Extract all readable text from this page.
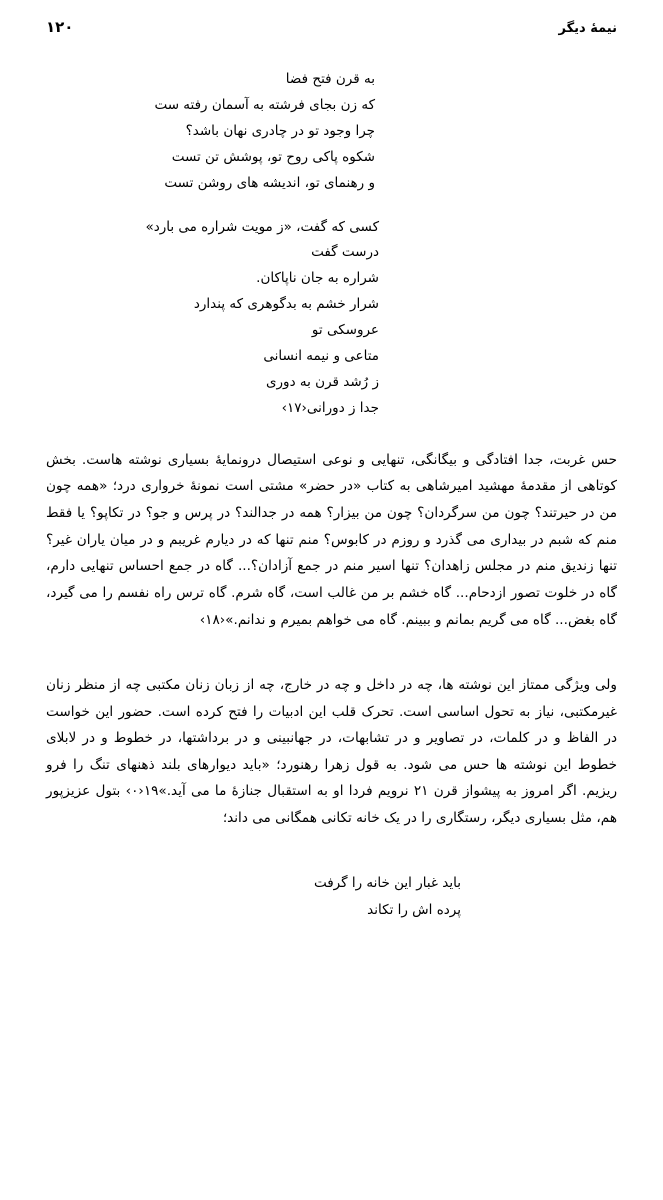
۱۲۰	نیمهٔ دیگر

به قرن فتح فضا

که زن بجای فرشته به آسمان رفته ست

چرا وجود تو در چادری نهان باشد؟

شکوه پاکی روح تو، پوشش تن تست

و رهنمای تو، اندیشه های روشن تست

کسی که گفت، «ز مویت شراره می بارد»

درست گفت

شراره به جان ناپاکان.

شرار خشم به بدگوهری که پندارد

عروسکی تو

متاعی و نیمه انسانی

ز رُشد قرن به دوری

جدا ز دورانی‹۱۷›

حس غربت، جدا افتادگی و بیگانگی، تنهایی و نوعی استیصال درونمایهٔ بسیاری نوشته هاست. بخش کوتاهی از مقدمهٔ مهشید امیرشاهی به کتاب «در حضر» مشتی است نمونهٔ خرواری درد؛ «همه چون من در حیرتند؟ چون من سرگردان؟ چون من بیزار؟ همه در جدالند؟ در پرس و جو؟ در تکاپو؟ یا فقط منم که شبم در بیداری می گذرد و روزم در کابوس؟ منم تنها که در دیارم غریبم و در میان یاران غیر؟ تنها زندیق منم در مجلس زاهدان؟ تنها اسیر منم در جمع آزادان؟... گاه در جمع احساس تنهایی دارم، گاه در خلوت تصور ازدحام... گاه خشم بر من غالب است، گاه شرم. گاه ترس راه نفسم را می گیرد، گاه بغض... گاه می گریم بمانم و ببینم. گاه می خواهم بمیرم و ندانم.»‹۱۸›

ولی ویژگی ممتاز این نوشته ها، چه در داخل و چه در خارج، چه از زبان زنان مکتبی چه از منظر زنان غیرمکتبی، نیاز به تحول اساسی است. تحرک قلب این ادبیات را فتح کرده است. حضور این خواست در الفاظ و در کلمات، در تصاویر و در تشابهات، در جهانبینی و در برداشتها، در خطوط و در لابلای خطوط این نوشته ها حس می شود. به قول زهرا رهنورد؛ «باید دیوارهای بلند ذهنهای تنگ را فرو ریزیم. اگر امروز به پیشواز قرن ۲۱ نرویم فردا او به استقبال جنازهٔ ما می آید.»۱۹‹۰› بتول عزیزپور هم، مثل بسیاری دیگر، رستگاری را در یک خانه تکانی همگانی می داند؛

باید غبار این خانه را گرفت

پرده اش را تکاند
